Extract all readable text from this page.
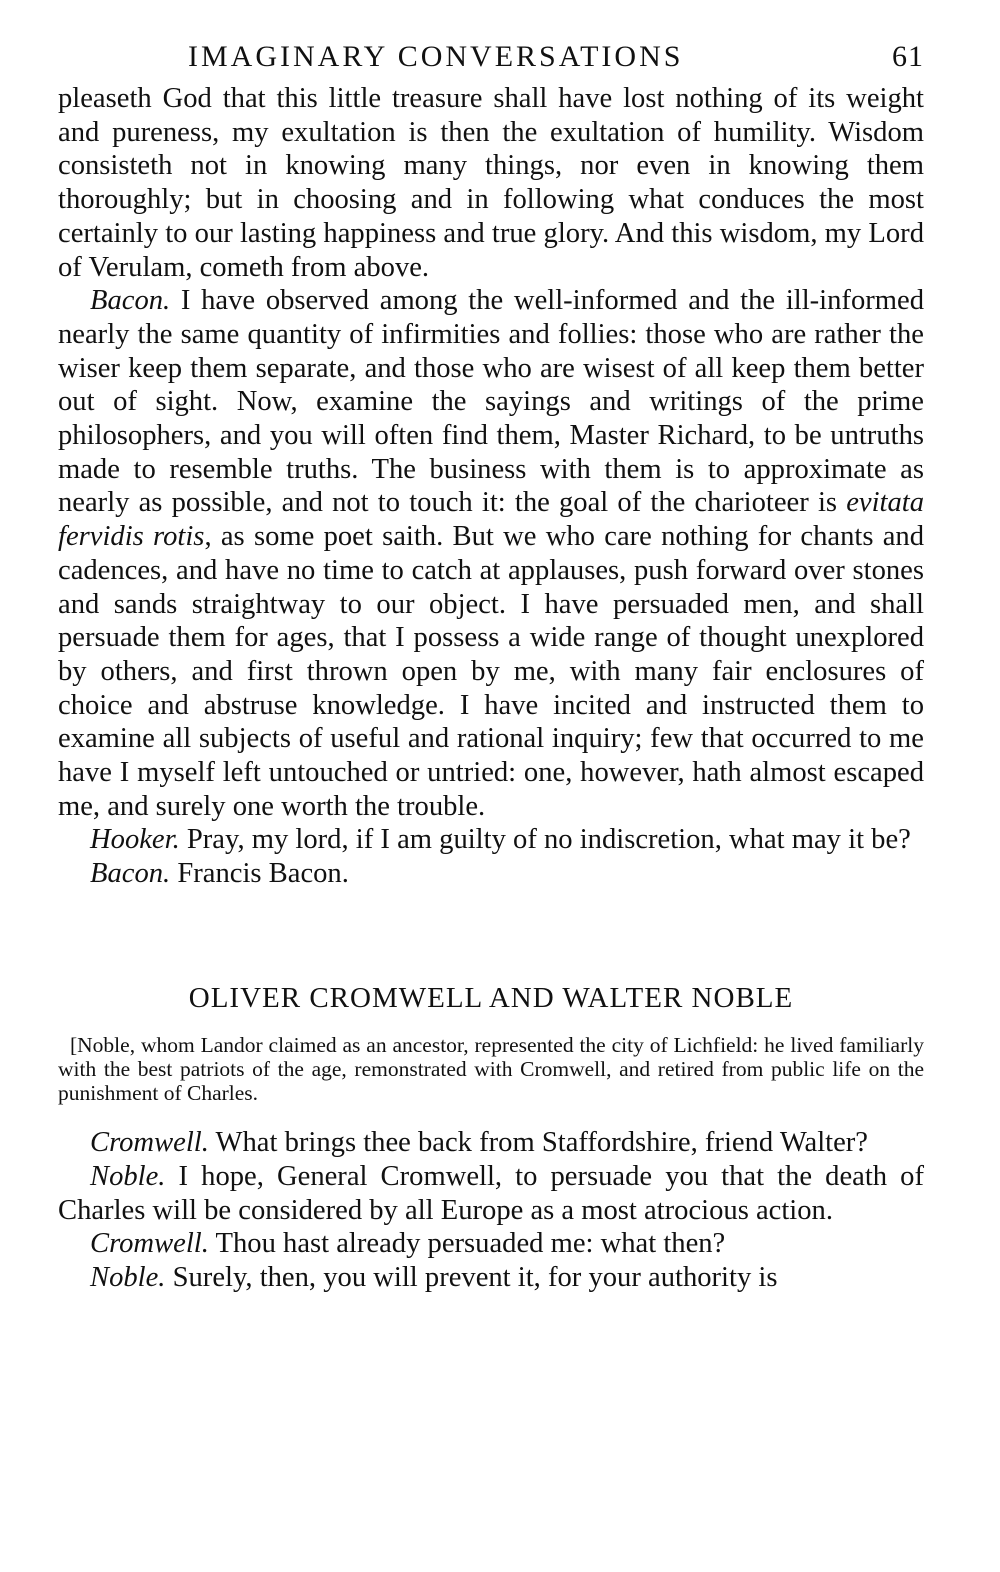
IMAGINARY CONVERSATIONS	61

pleaseth God that this little treasure shall have lost nothing of its weight and pureness, my exultation is then the exultation of humility. Wisdom consisteth not in knowing many things, nor even in knowing them thoroughly; but in choosing and in following what conduces the most certainly to our lasting happiness and true glory. And this wisdom, my Lord of Verulam, cometh from above.

Bacon. I have observed among the well-informed and the ill-informed nearly the same quantity of infirmities and follies: those who are rather the wiser keep them separate, and those who are wisest of all keep them better out of sight. Now, examine the sayings and writings of the prime philosophers, and you will often find them, Master Richard, to be untruths made to resemble truths. The business with them is to approximate as nearly as possible, and not to touch it: the goal of the charioteer is evitata fervidis rotis, as some poet saith. But we who care nothing for chants and cadences, and have no time to catch at applauses, push forward over stones and sands straightway to our object. I have persuaded men, and shall persuade them for ages, that I possess a wide range of thought unexplored by others, and first thrown open by me, with many fair enclosures of choice and abstruse knowledge. I have incited and instructed them to examine all subjects of useful and rational inquiry; few that occurred to me have I myself left untouched or untried: one, however, hath almost escaped me, and surely one worth the trouble.

Hooker. Pray, my lord, if I am guilty of no indiscretion, what may it be?

Bacon. Francis Bacon.

OLIVER CROMWELL AND WALTER NOBLE

[Noble, whom Landor claimed as an ancestor, represented the city of Lichfield: he lived familiarly with the best patriots of the age, remonstrated with Cromwell, and retired from public life on the punishment of Charles.

Cromwell. What brings thee back from Staffordshire, friend Walter?

Noble. I hope, General Cromwell, to persuade you that the death of Charles will be considered by all Europe as a most atrocious action.

Cromwell. Thou hast already persuaded me: what then?

Noble. Surely, then, you will prevent it, for your authority is
